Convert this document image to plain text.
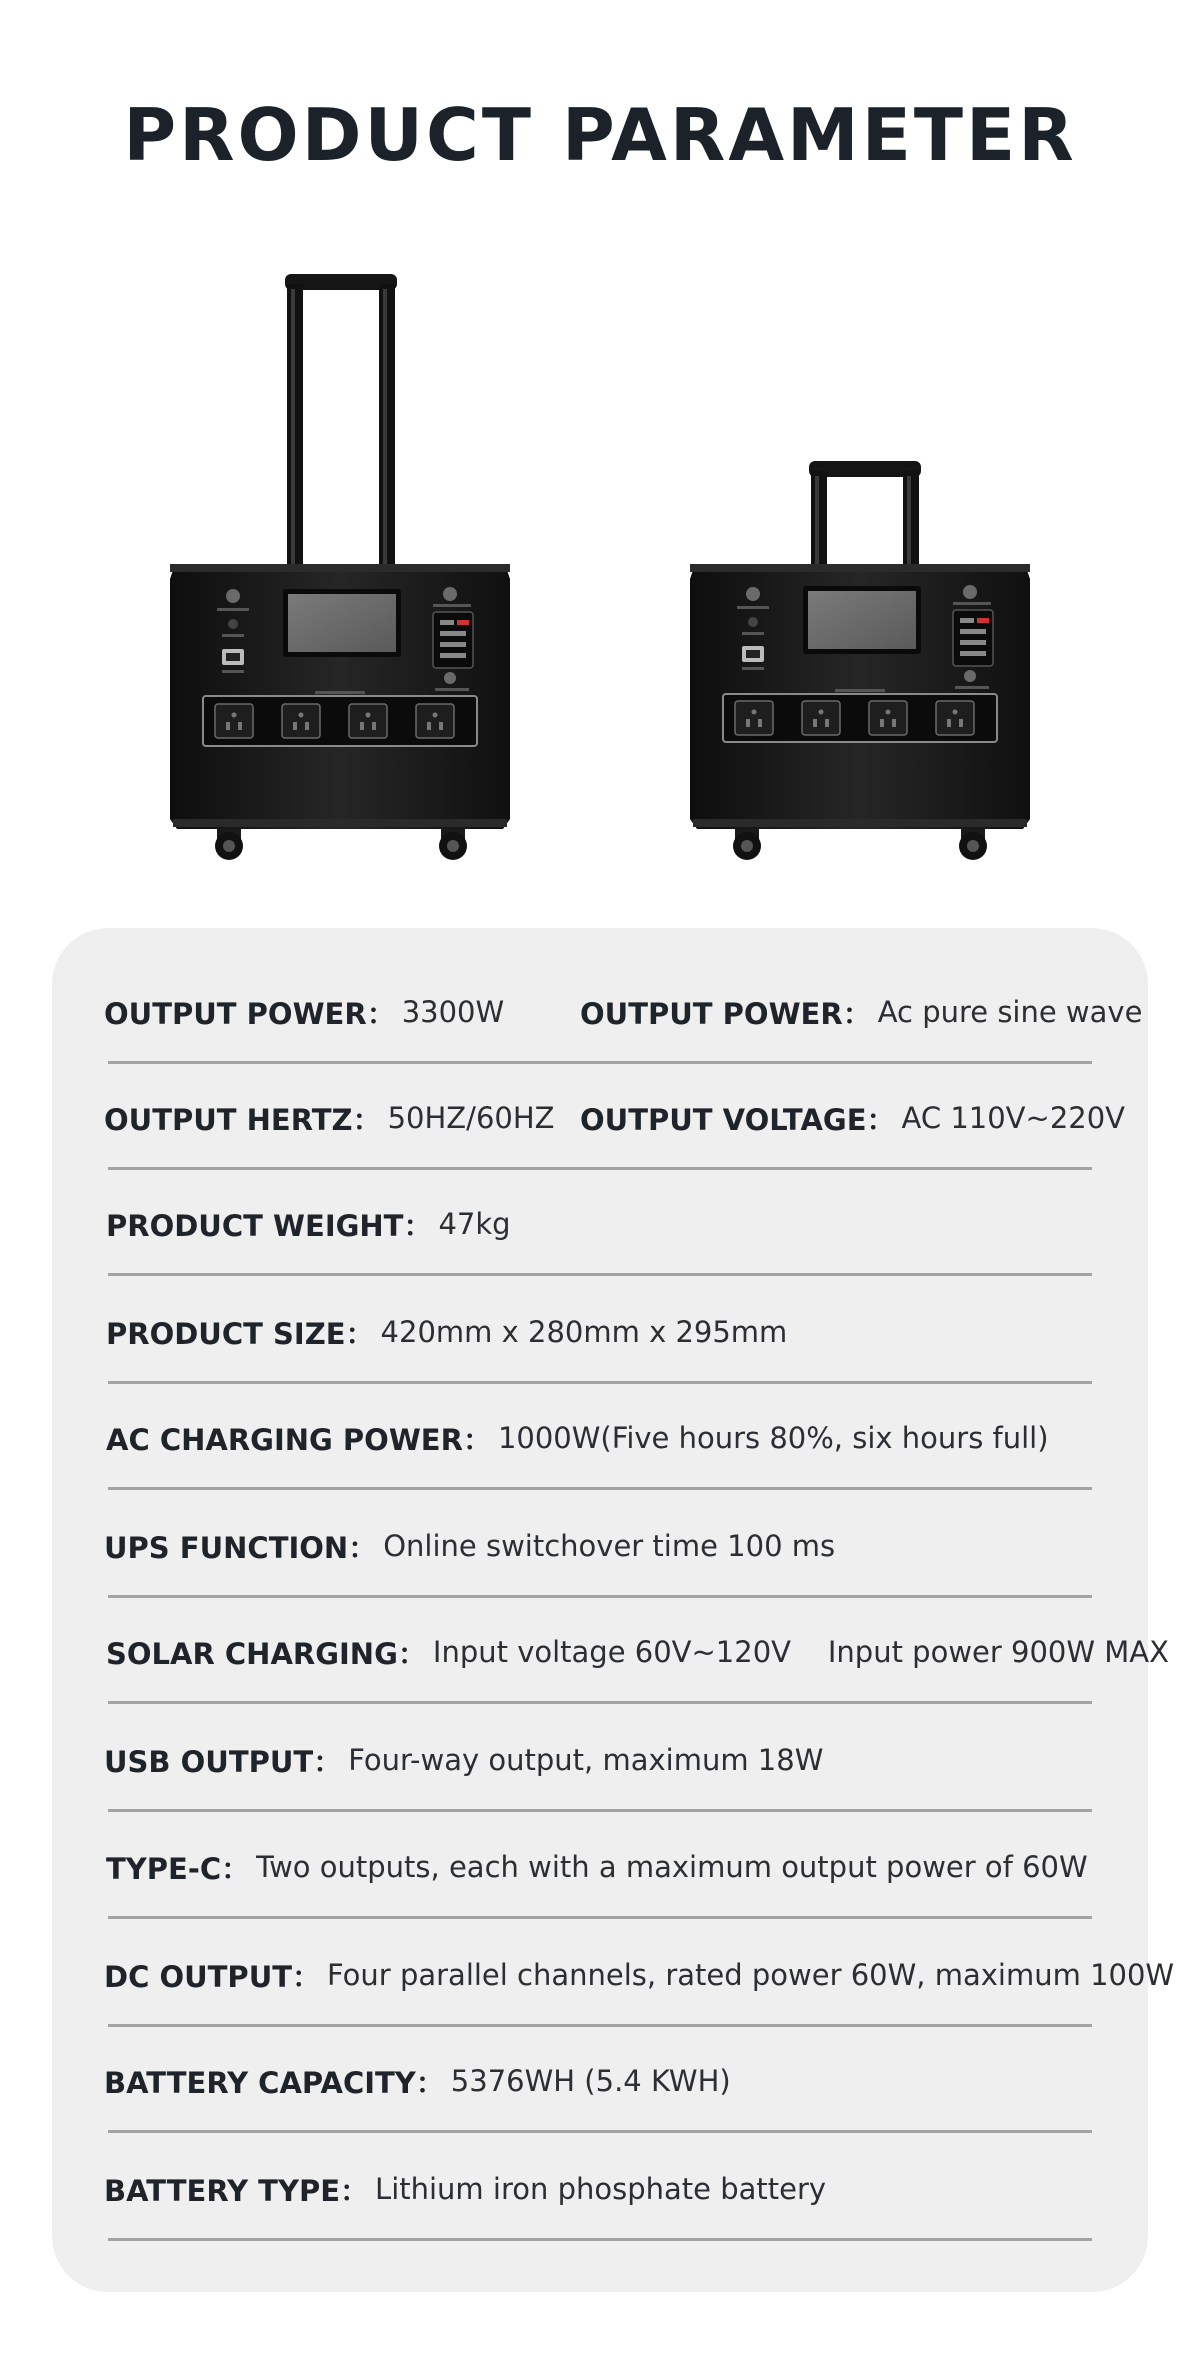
PRODUCT PARAMETER
OUTPUT POWER： 3300W	OUTPUT POWER： Ac pure sine wave
OUTPUT HERTZ： 50HZ/60HZ OUTPUT VOLTAGE： AC 110V~220V
PRODUCT WEIGHT： 47kg
PRODUCT SIZE： 420mm x 280mm x 295mm
AC CHARGING POWER： 1000W(Five hours 80%, six hours full)
UPS FUNCTION： Online switchover time 100 ms
SOLAR CHARGING： Input voltage 60V~120V    Input power 900W MAX
USB OUTPUT： Four-way output, maximum 18W
TYPE-C： Two outputs, each with a maximum output power of 60W
DC OUTPUT： Four parallel channels, rated power 60W, maximum 100W
BATTERY CAPACITY： 5376WH (5.4 KWH)
BATTERY TYPE： Lithium iron phosphate battery
